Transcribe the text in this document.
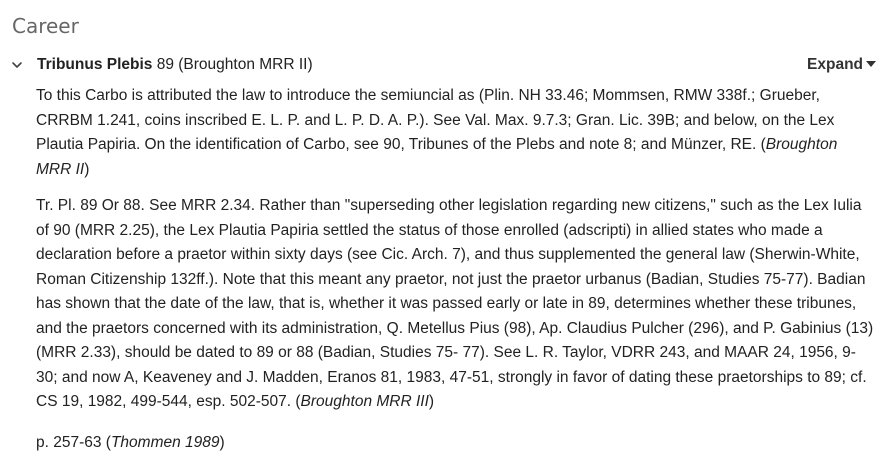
Career
Tribunus Plebis 89 (Broughton MRR II)	Expand

To this Carbo is attributed the law to introduce the semiuncial as (Plin. NH 33.46; Mommsen, RMW 338f.; Grueber, CRRBM 1.241, coins inscribed E. L. P. and L. P. D. A. P.). See Val. Max. 9.7.3; Gran. Lic. 39B; and below, on the Lex Plautia Papiria. On the identification of Carbo, see 90, Tribunes of the Plebs and note 8; and Münzer, RE. (Broughton MRR II)

Tr. Pl. 89 Or 88. See MRR 2.34. Rather than "superseding other legislation regarding new citizens," such as the Lex Iulia of 90 (MRR 2.25), the Lex Plautia Papiria settled the status of those enrolled (adscripti) in allied states who made a declaration before a praetor within sixty days (see Cic. Arch. 7), and thus supplemented the general law (Sherwin-White, Roman Citizenship 132ff.). Note that this meant any praetor, not just the praetor urbanus (Badian, Studies 75-77). Badian has shown that the date of the law, that is, whether it was passed early or late in 89, determines whether these tribunes, and the praetors concerned with its administration, Q. Metellus Pius (98), Ap. Claudius Pulcher (296), and P. Gabinius (13) (MRR 2.33), should be dated to 89 or 88 (Badian, Studies 75- 77). See L. R. Taylor, VDRR 243, and MAAR 24, 1956, 9-30; and now A, Keaveney and J. Madden, Eranos 81, 1983, 47-51, strongly in favor of dating these praetorships to 89; cf. CS 19, 1982, 499-544, esp. 502-507. (Broughton MRR III)

p. 257-63 (Thommen 1989)
